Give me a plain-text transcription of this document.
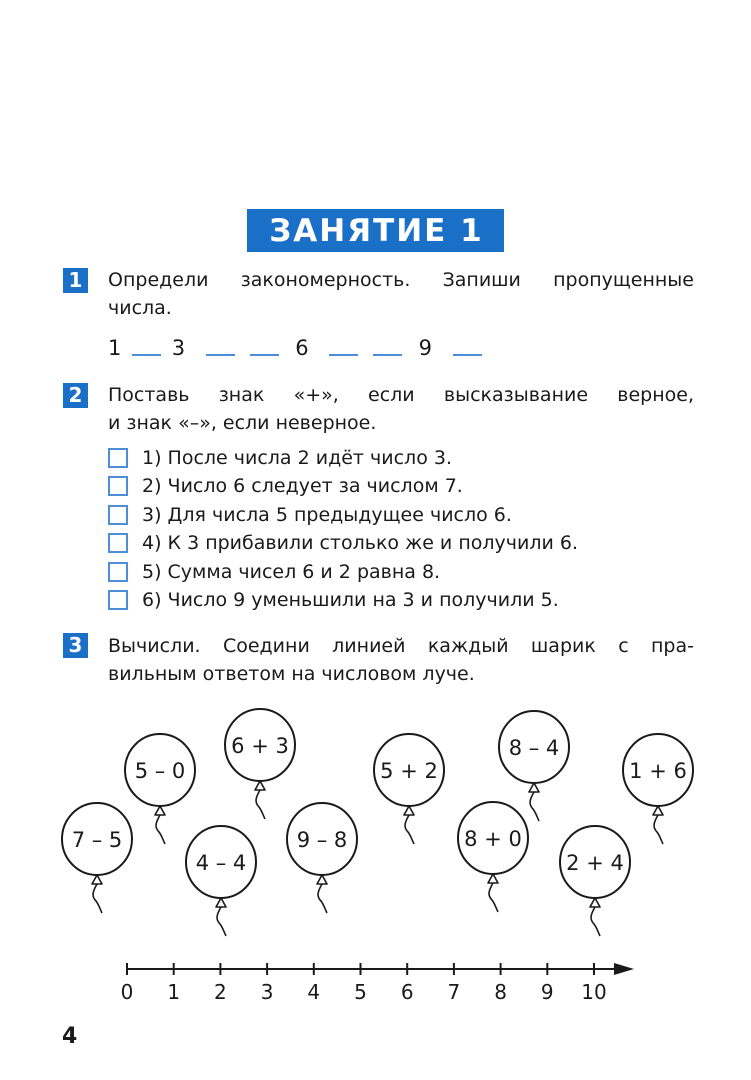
ЗАНЯТИЕ 1
1 Определи закономерность. Запиши пропущенные
числа.
1 3	6	9
2 Поставь знак «+», если высказывание верное,
и знак «–», если неверное.
1) После числа 2 идёт число 3.
2) Число 6 следует за числом 7.
3) Для числа 5 предыдущее число 6.
4) К 3 прибавили столько же и получили 6.
5) Сумма чисел 6 и 2 равна 8.
6) Число 9 уменьшили на 3 и получили 5.
3 Вычисли. Соедини линией каждый шарик с пра-
вильным ответом на числовом луче.
7 – 5
5 – 0
6 + 3
4 – 4
9 – 8
5 + 2
8 + 0
8 – 4
2 + 4
1 + 6
0 1 2 3 4 5 6 7 8 9 10
4
